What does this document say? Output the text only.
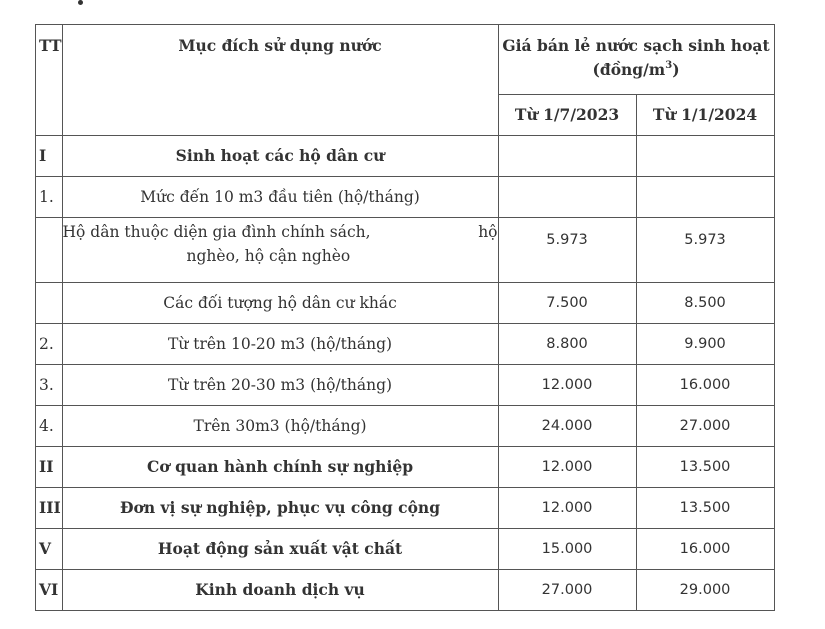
TT	Mục đích sử dụng nước	Giá bán lẻ nước sạch sinh hoạt
$(đồng/m^3)$	
		Từ 1/7/2023	Từ 1/1/2024
I	Sinh hoạt các hộ dân cư		
1.	Mức đến 10 m3 đầu tiên (hộ/tháng)		

	Hộ dân thuộc diện gia đình chính sách, hộ
nghèo, hộ cận nghèo	5.973	5.973
	Các đối tượng hộ dân cư khác	7.500	8.500
2.	Từ trên 10-20 m3 (hộ/tháng)	8.800	9.900
3.	Từ trên 20-30 m3 (hộ/tháng)	12.000	16.000
4.	Trên 30m3 (hộ/tháng)	24.000	27.000
II	Cơ quan hành chính sự nghiệp	12.000	13.500
III	Đơn vị sự nghiệp, phục vụ công cộng	12.000	13.500
V	Hoạt động sản xuất vật chất	15.000	16.000
VI	Kinh doanh dịch vụ	27.000	29.000
